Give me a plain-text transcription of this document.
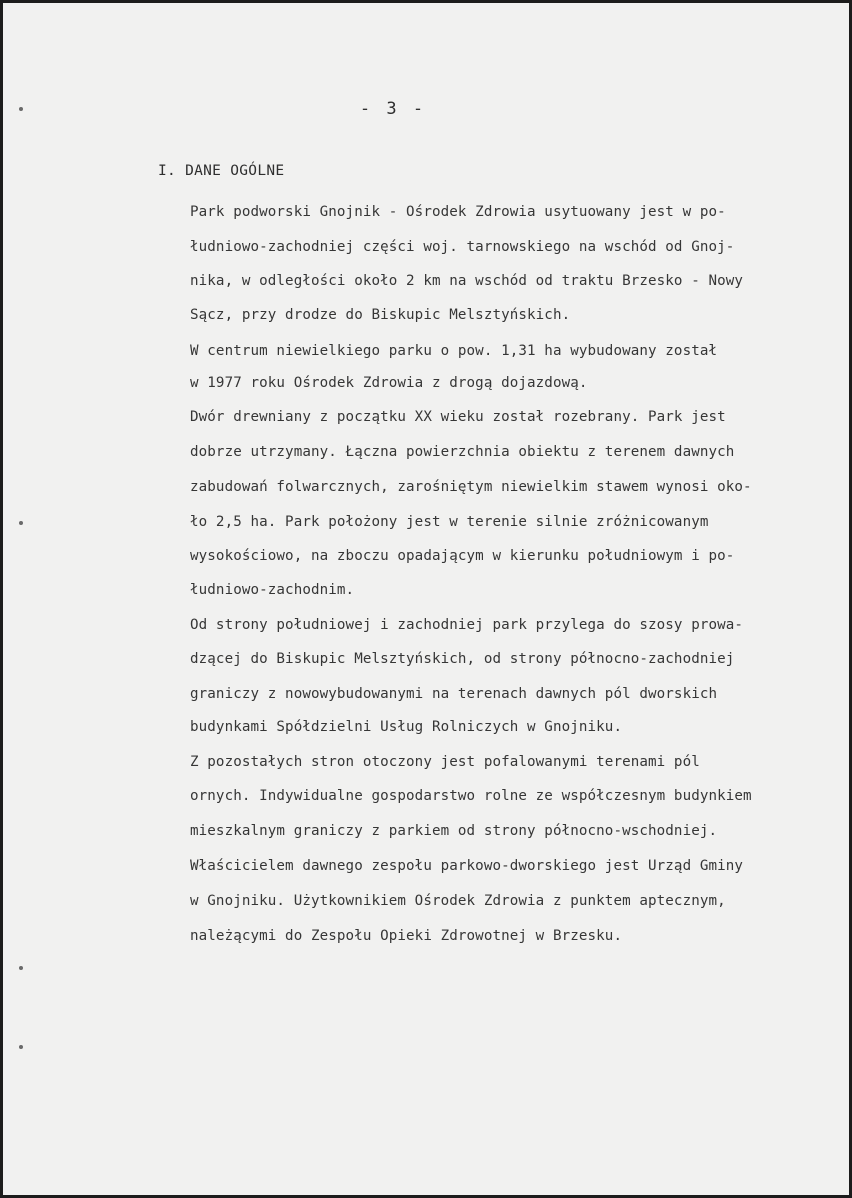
- 3 -
I. DANE OGÓLNE
Park podworski Gnojnik - Ośrodek Zdrowia usytuowany jest w po-
łudniowo-zachodniej części woj. tarnowskiego na wschód od Gnoj-
nika, w odległości około 2 km na wschód od traktu Brzesko - Nowy
Sącz, przy drodze do Biskupic Melsztyńskich.
W centrum niewielkiego parku o pow. 1,31 ha wybudowany został
w 1977 roku Ośrodek Zdrowia z drogą dojazdową.
Dwór drewniany z początku XX wieku został rozebrany. Park jest
dobrze utrzymany. Łączna powierzchnia obiektu z terenem dawnych
zabudowań folwarcznych, zarośniętym niewielkim stawem wynosi oko-
ło 2,5 ha. Park położony jest w terenie silnie zróżnicowanym
wysokościowo, na zboczu opadającym w kierunku południowym i po-
łudniowo-zachodnim.
Od strony południowej i zachodniej park przylega do szosy prowa-
dzącej do Biskupic Melsztyńskich, od strony północno-zachodniej
graniczy z nowowybudowanymi na terenach dawnych pól dworskich
budynkami Spółdzielni Usług Rolniczych w Gnojniku.
Z pozostałych stron otoczony jest pofalowanymi terenami pól
ornych. Indywidualne gospodarstwo rolne ze współczesnym budynkiem
mieszkalnym graniczy z parkiem od strony północno-wschodniej.
Właścicielem dawnego zespołu parkowo-dworskiego jest Urząd Gminy
w Gnojniku. Użytkownikiem Ośrodek Zdrowia z punktem aptecznym,
należącymi do Zespołu Opieki Zdrowotnej w Brzesku.
